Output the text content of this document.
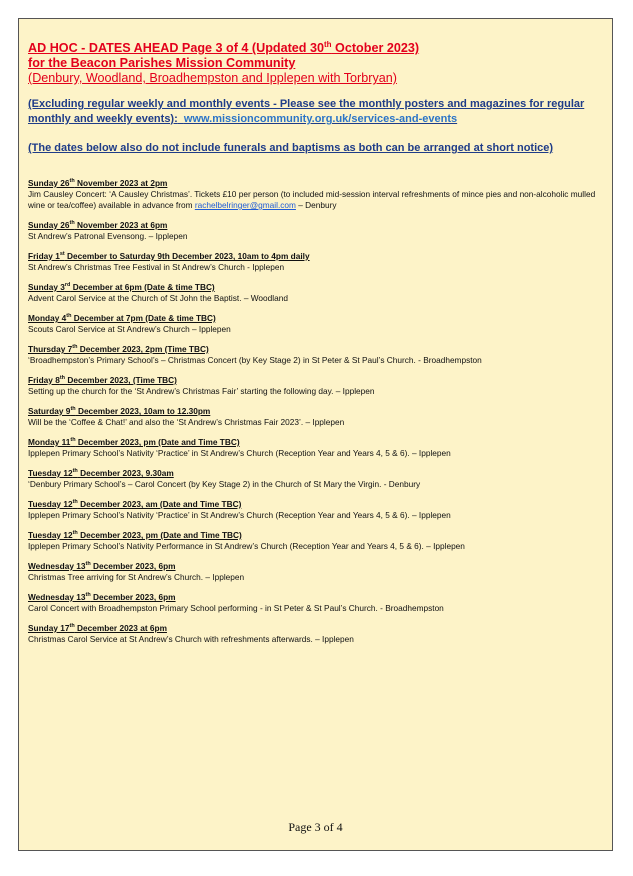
AD HOC - DATES AHEAD Page 3 of 4 (Updated 30th October 2023)
for the Beacon Parishes Mission Community
(Denbury, Woodland, Broadhempston and Ipplepen with Torbryan)
(Excluding regular weekly and monthly events - Please see the monthly posters and magazines for regular monthly and weekly events): www.missioncommunity.org.uk/services-and-events
(The dates below also do not include funerals and baptisms as both can be arranged at short notice)
Sunday 26th November 2023 at 2pm
Jim Causley Concert: ‘A Causley Christmas’. Tickets £10 per person (to included mid-session interval refreshments of mince pies and non-alcoholic mulled wine or tea/coffee) available in advance from rachelbelringer@gmail.com – Denbury
Sunday 26th November 2023 at 6pm
St Andrew’s Patronal Evensong. – Ipplepen
Friday 1st December to Saturday 9th December 2023, 10am to 4pm daily
St Andrew’s Christmas Tree Festival in St Andrew’s Church - Ipplepen
Sunday 3rd December at 6pm (Date & time TBC)
Advent Carol Service at the Church of St John the Baptist. – Woodland
Monday 4th December at 7pm (Date & time TBC)
Scouts Carol Service at St Andrew’s Church – Ipplepen
Thursday 7th December 2023, 2pm (Time TBC)
‘Broadhempston’s Primary School’s – Christmas Concert (by Key Stage 2) in St Peter & St Paul’s Church. - Broadhempston
Friday 8th December 2023, (Time TBC)
Setting up the church for the ‘St Andrew’s Christmas Fair’ starting the following day. – Ipplepen
Saturday 9th December 2023, 10am to 12.30pm
Will be the ‘Coffee & Chat!’ and also the ‘St Andrew’s Christmas Fair 2023’. – Ipplepen
Monday 11th December 2023, pm (Date and Time TBC)
Ipplepen Primary School’s Nativity ‘Practice’ in St Andrew’s Church (Reception Year and Years 4, 5 & 6). – Ipplepen
Tuesday 12th December 2023, 9.30am
‘Denbury Primary School’s – Carol Concert (by Key Stage 2) in the Church of St Mary the Virgin. - Denbury
Tuesday 12th December 2023, am (Date and Time TBC)
Ipplepen Primary School’s Nativity ‘Practice’ in St Andrew’s Church (Reception Year and Years 4, 5 & 6). – Ipplepen
Tuesday 12th December 2023, pm (Date and Time TBC)
Ipplepen Primary School’s Nativity Performance in St Andrew’s Church (Reception Year and Years 4, 5 & 6). – Ipplepen
Wednesday 13th December 2023, 6pm
Christmas Tree arriving for St Andrew’s Church. – Ipplepen
Wednesday 13th December 2023, 6pm
Carol Concert with Broadhempston Primary School performing - in St Peter & St Paul’s Church. - Broadhempston
Sunday 17th December 2023 at 6pm
Christmas Carol Service at St Andrew’s Church with refreshments afterwards. – Ipplepen
Page 3 of 4
